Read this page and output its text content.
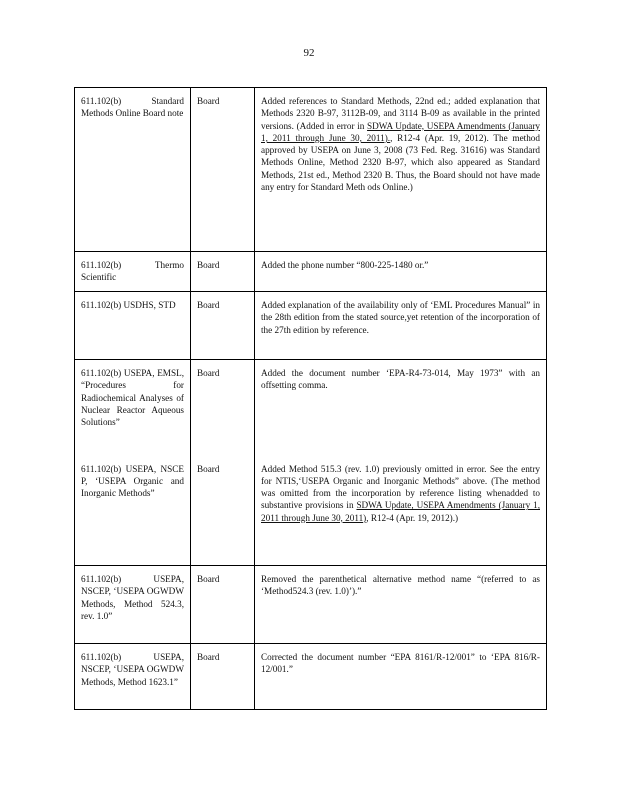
92
611.102(b) Standard Methods Online Board note	Board	Added references to Standard Methods, 22nd ed.; added explanation that Methods 2320 B-97, 3112B-09, and 3114 B-09 as available in the printed versions. (Added in error in SDWA Update, USEPA Amendments (January 1, 2011 through June 30, 2011)., R12-4 (Apr. 19, 2012). The method approved by USEPA on June 3, 2008 (73 Fed. Reg. 31616) was Standard Methods Online, Method 2320 B-97, which also appeared as Standard Methods, 21st ed., Method 2320 B. Thus, the Board should not have made any entry for Standard Meth ods Online.)
611.102(b) Thermo Scientific	Board	Added the phone number “800-225-1480 or.”
611.102(b) USDHS, STD	Board	Added explanation of the availability only of ‘EML Procedures Manual” in the 28th edition from the stated source,yet retention of the incorporation of the 27th edition by reference.
611.102(b) USEPA, EMSL, “Procedures for Radiochemical Analyses of Nuclear Reactor Aqueous Solutions”	Board	Added the document number ‘EPA-R4-73-014, May 1973” with an offsetting comma.
611.102(b) USEPA, NSCE P, ‘USEPA Organic and Inorganic Methods”	Board	Added Method 515.3 (rev. 1.0) previously omitted in error. See the entry for NTIS,‘USEPA Organic and Inorganic Methods” above. (The method was omitted from the incorporation by reference listing whenadded to substantive provisions in SDWA Update, USEPA Amendments (January 1, 2011 through June 30, 2011), R12-4 (Apr. 19, 2012).)
611.102(b) USEPA, NSCEP, ‘USEPA OGWDW Methods, Method 524.3, rev. 1.0”	Board	Removed the parenthetical alternative method name “(referred to as ‘Method524.3 (rev. 1.0)’).”
611.102(b) USEPA, NSCEP, ‘USEPA OGWDW Methods, Method 1623.1”	Board	Corrected the document number “EPA 8161/R-12/001” to ‘EPA 816/R-12/001.”
